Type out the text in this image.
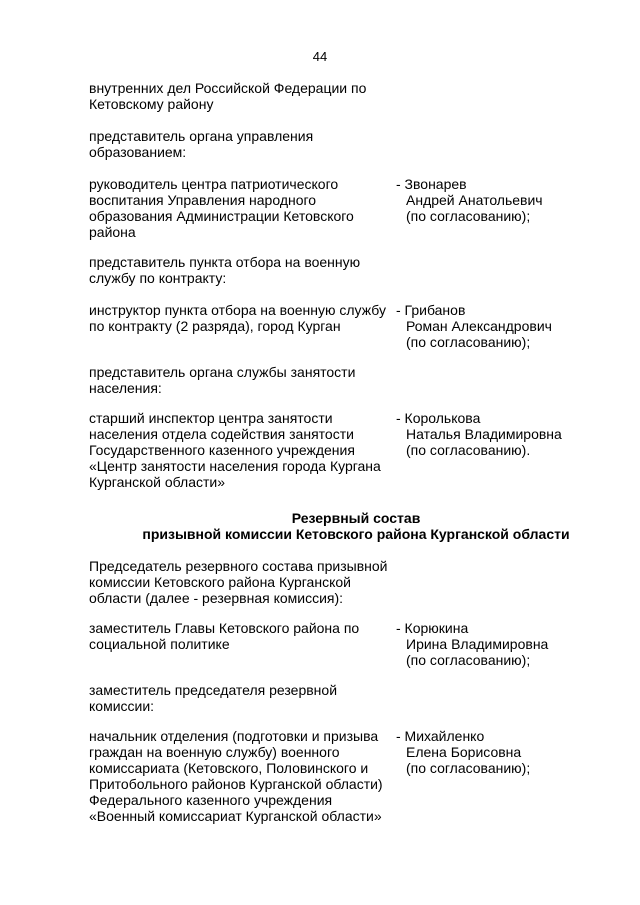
44
внутренних дел Российской Федерации по
Кетовскому району
представитель органа управления
образованием:
руководитель центра патриотического
воспитания Управления народного
образования Администрации Кетовского
района
- Звонарев
Андрей Анатольевич
(по согласованию);
представитель пункта отбора на военную
службу по контракту:
инструктор пункта отбора на военную службу
по контракту (2 разряда), город Курган
- Грибанов
Роман Александрович
(по согласованию);
представитель органа службы занятости
населения:
старший инспектор центра занятости
населения отдела содействия занятости
Государственного казенного учреждения
«Центр занятости населения города Кургана
Курганской области»
- Королькова
Наталья Владимировна
(по согласованию).
Резервный состав
призывной комиссии Кетовского района Курганской области
Председатель резервного состава призывной
комиссии Кетовского района Курганской
области (далее - резервная комиссия):
заместитель Главы Кетовского района по
социальной политике
- Корюкина
Ирина Владимировна
(по согласованию);
заместитель председателя резервной
комиссии:
начальник отделения (подготовки и призыва
граждан на военную службу) военного
комиссариата (Кетовского, Половинского и
Притобольного районов Курганской области)
Федерального казенного учреждения
«Военный комиссариат Курганской области»
- Михайленко
Елена Борисовна
(по согласованию);
